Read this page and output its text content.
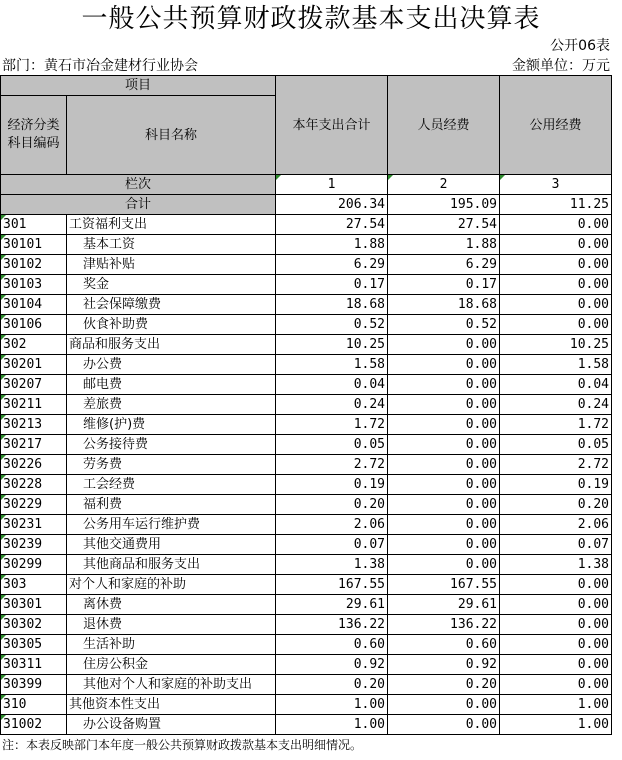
一般公共预算财政拨款基本支出决算表
公开06表
部门：黄石市冶金建材行业协会	金额单位：万元
项目		本年支出合计	人员经费	公用经费
经济分类科目编码	科目名称			
栏次		1	2	3
合计		206.34	195.09	11.25

301	工资福利支出	27.54	27.54	0.00

30101	基本工资	1.88	1.88	0.00

30102	津贴补贴	6.29	6.29	0.00

30103	奖金	0.17	0.17	0.00

30104	社会保障缴费	18.68	18.68	0.00

30106	伙食补助费	0.52	0.52	0.00

302	商品和服务支出	10.25	0.00	10.25

30201	办公费	1.58	0.00	1.58

30207	邮电费	0.04	0.00	0.04

30211	差旅费	0.24	0.00	0.24

30213	维修(护)费	1.72	0.00	1.72

30217	公务接待费	0.05	0.00	0.05

30226	劳务费	2.72	0.00	2.72

30228	工会经费	0.19	0.00	0.19

30229	福利费	0.20	0.00	0.20

30231	公务用车运行维护费	2.06	0.00	2.06

30239	其他交通费用	0.07	0.00	0.07

30299	其他商品和服务支出	1.38	0.00	1.38

303	对个人和家庭的补助	167.55	167.55	0.00

30301	离休费	29.61	29.61	0.00

30302	退休费	136.22	136.22	0.00

30305	生活补助	0.60	0.60	0.00

30311	住房公积金	0.92	0.92	0.00

30399	其他对个人和家庭的补助支出	0.20	0.20	0.00

310	其他资本性支出	1.00	0.00	1.00

31002	办公设备购置	1.00	0.00	1.00
注：本表反映部门本年度一般公共预算财政拨款基本支出明细情况。
